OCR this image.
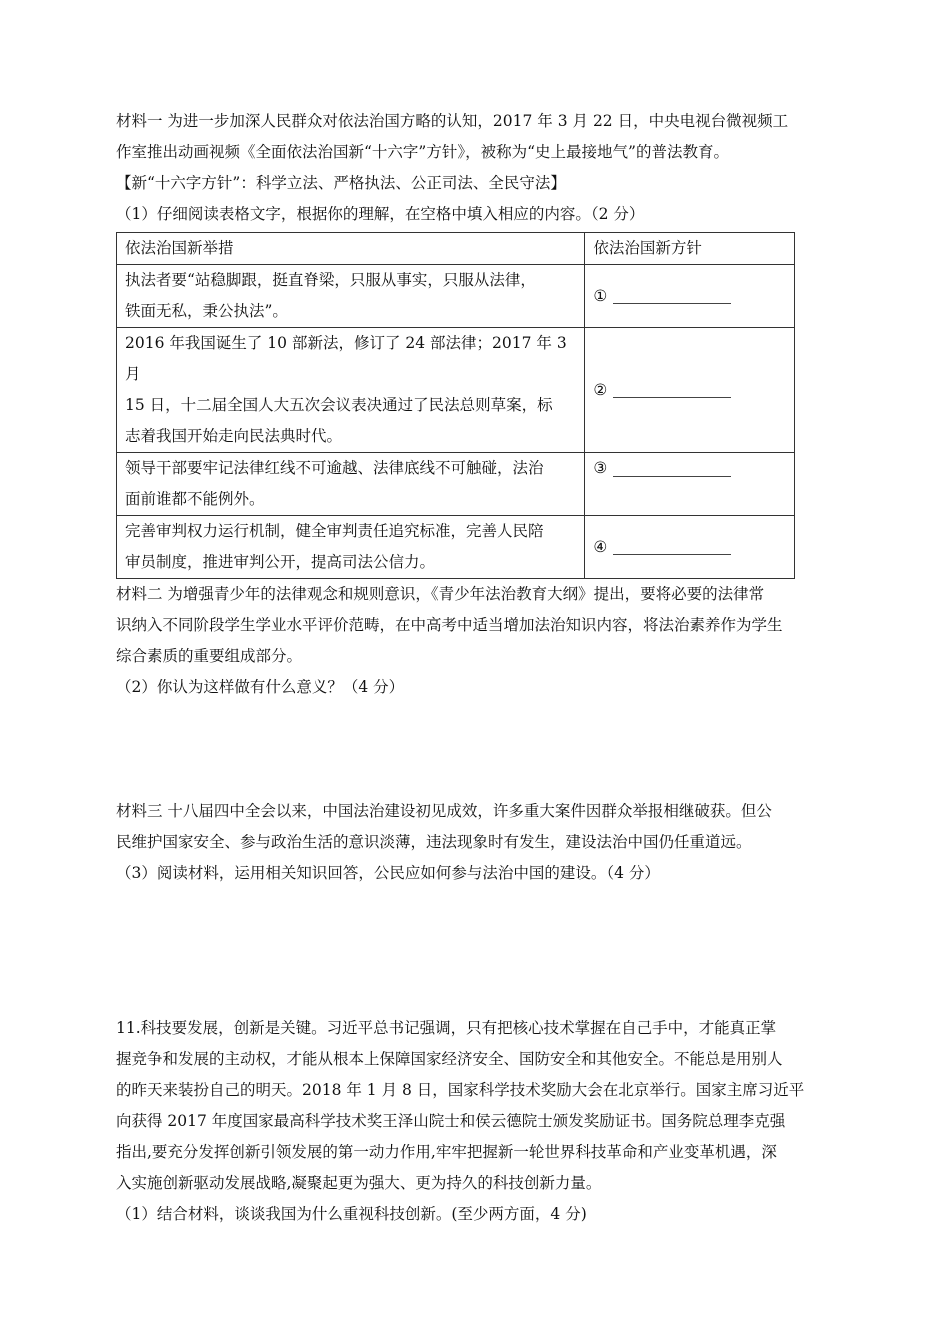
材料一 为进一步加深人民群众对依法治国方略的认知，2017 年 3 月 22 日，中央电视台微视频工
作室推出动画视频《全面依法治国新“十六字”方针》，被称为“史上最接地气”的普法教育。
【新“十六字方针”：科学立法、严格执法、公正司法、全民守法】
（1）仔细阅读表格文字，根据你的理解，在空格中填入相应的内容。（2 分）
依法治国新举措	依法治国新方针

执法者要“站稳脚跟，挺直脊梁，只服从事实，只服从法律，
铁面无私，秉公执法”。	①

2016 年我国诞生了 10 部新法，修订了 24 部法律；2017 年 3 月
15 日，十二届全国人大五次会议表决通过了民法总则草案，标
志着我国开始走向民法典时代。	②

领导干部要牢记法律红线不可逾越、法律底线不可触碰，法治
面前谁都不能例外。	③

完善审判权力运行机制，健全审判责任追究标准，完善人民陪
审员制度，推进审判公开，提高司法公信力。	④
材料二 为增强青少年的法律观念和规则意识，《青少年法治教育大纲》提出，要将必要的法律常
识纳入不同阶段学生学业水平评价范畴，在中高考中适当增加法治知识内容，将法治素养作为学生
综合素质的重要组成部分。
（2）你认为这样做有什么意义？（4 分）
材料三 十八届四中全会以来，中国法治建设初见成效，许多重大案件因群众举报相继破获。但公
民维护国家安全、参与政治生活的意识淡薄，违法现象时有发生，建设法治中国仍任重道远。
（3）阅读材料，运用相关知识回答，公民应如何参与法治中国的建设。（4 分）
11.科技要发展，创新是关键。习近平总书记强调，只有把核心技术掌握在自己手中，才能真正掌
握竞争和发展的主动权，才能从根本上保障国家经济安全、国防安全和其他安全。不能总是用别人
的昨天来装扮自己的明天。2018 年 1 月 8 日，国家科学技术奖励大会在北京举行。国家主席习近平
向获得 2017 年度国家最高科学技术奖王泽山院士和侯云德院士颁发奖励证书。国务院总理李克强
指出,要充分发挥创新引领发展的第一动力作用,牢牢把握新一轮世界科技革命和产业变革机遇，深
入实施创新驱动发展战略,凝聚起更为强大、更为持久的科技创新力量。
（1）结合材料，谈谈我国为什么重视科技创新。(至少两方面，4 分)
